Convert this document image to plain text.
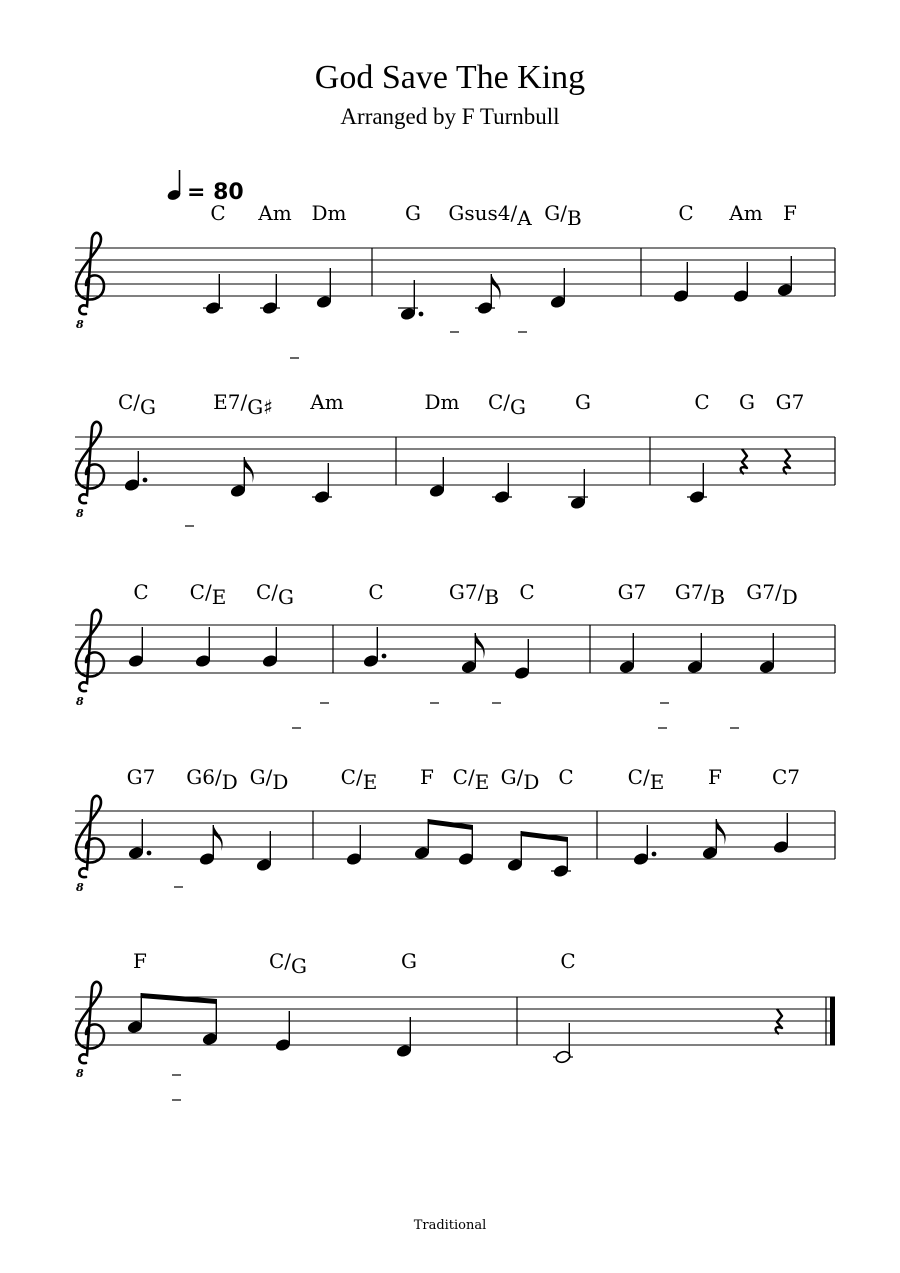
God Save The King
Arranged by F Turnbull
= 80
8
C Am Dm	G Gsus4/A G/B	C Am F
8
C/G	E7/G♯ Am	Dm C/G G	C G G7
8
C C/E C/G	C	G7/B C	G7 G7/B G7/D
8
G7 G6/D G/D	C/E F C/E G/D C	C/E F	C7
8
F	C/G	G	C
Traditional
